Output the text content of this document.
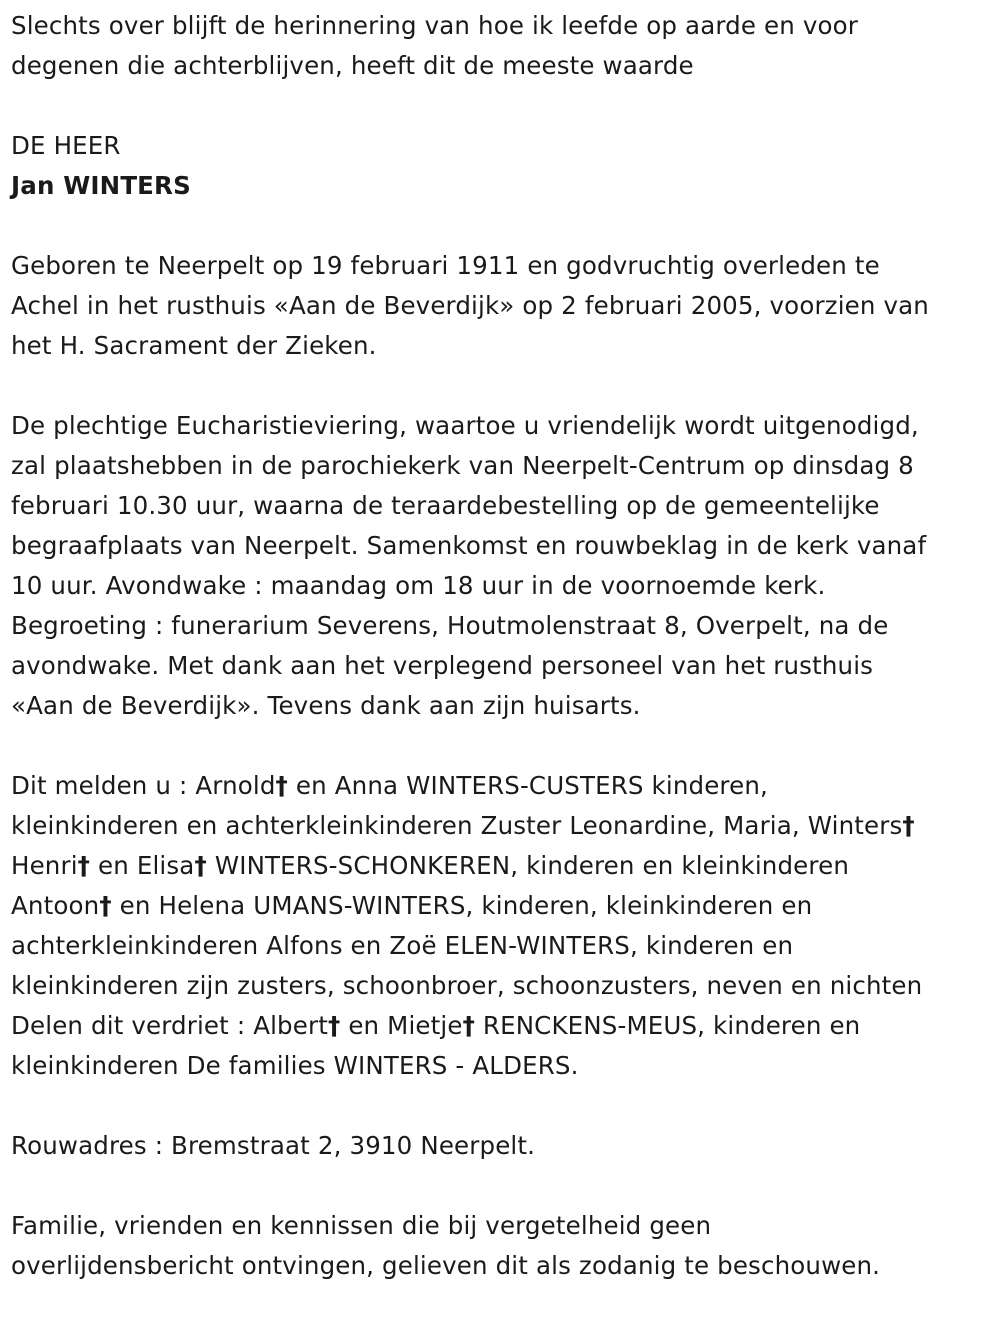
Slechts over blijft de herinnering van hoe ik leefde op aarde en voor
degenen die achterblijven, heeft dit de meeste waarde
DE HEER
Jan WINTERS
Geboren te Neerpelt op 19 februari 1911 en godvruchtig overleden te
Achel in het rusthuis «Aan de Beverdijk» op 2 februari 2005, voorzien van
het H. Sacrament der Zieken.
De plechtige Eucharistieviering, waartoe u vriendelijk wordt uitgenodigd,
zal plaatshebben in de parochiekerk van Neerpelt-Centrum op dinsdag 8
februari 10.30 uur, waarna de teraardebestelling op de gemeentelijke
begraafplaats van Neerpelt. Samenkomst en rouwbeklag in de kerk vanaf
10 uur. Avondwake : maandag om 18 uur in de voornoemde kerk.
Begroeting : funerarium Severens, Houtmolenstraat 8, Overpelt, na de
avondwake. Met dank aan het verplegend personeel van het rusthuis
«Aan de Beverdijk». Tevens dank aan zijn huisarts.
Dit melden u : Arnold† en Anna WINTERS-CUSTERS kinderen,
kleinkinderen en achterkleinkinderen Zuster Leonardine, Maria, Winters†
Henri† en Elisa† WINTERS-SCHONKEREN, kinderen en kleinkinderen
Antoon† en Helena UMANS-WINTERS, kinderen, kleinkinderen en
achterkleinkinderen Alfons en Zoë ELEN-WINTERS, kinderen en
kleinkinderen zijn zusters, schoonbroer, schoonzusters, neven en nichten
Delen dit verdriet : Albert† en Mietje† RENCKENS-MEUS, kinderen en
kleinkinderen De families WINTERS - ALDERS.
Rouwadres : Bremstraat 2, 3910 Neerpelt.
Familie, vrienden en kennissen die bij vergetelheid geen
overlijdensbericht ontvingen, gelieven dit als zodanig te beschouwen.
